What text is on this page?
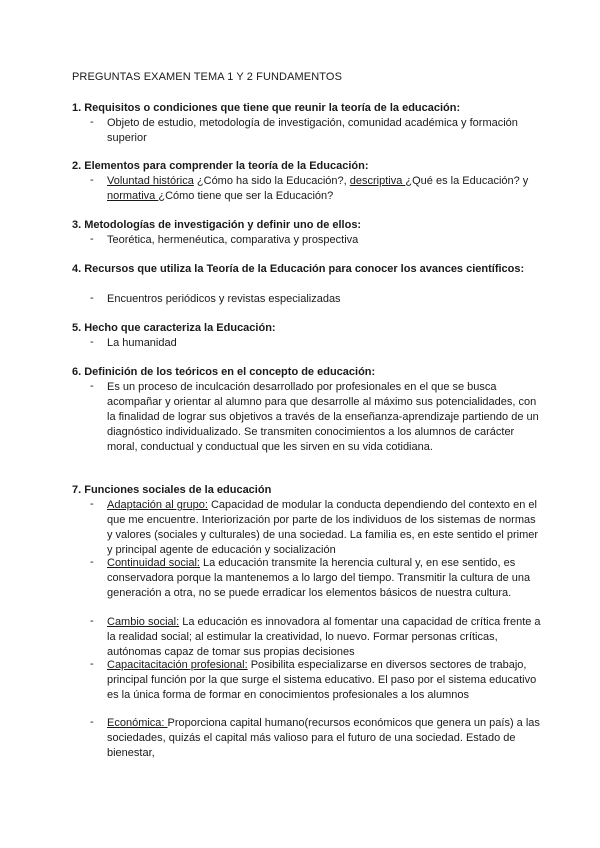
PREGUNTAS EXAMEN TEMA 1 Y 2 FUNDAMENTOS
1. Requisitos o condiciones que tiene que reunir la teoría de la educación:
- Objeto de estudio, metodología de investigación, comunidad académica y formación superior
2. Elementos para comprender la teoría de la Educación:
- Voluntad histórica ¿Cómo ha sido la Educación?, descriptiva ¿Qué es la Educación? y normativa ¿Cómo tiene que ser la Educación?
3. Metodologías de investigación y definir uno de ellos:
- Teorética, hermenéutica, comparativa y prospectiva
4. Recursos que utiliza la Teoría de la Educación para conocer los avances científicos:
- Encuentros periódicos y revistas especializadas
5. Hecho que caracteriza la Educación:
- La humanidad
6. Definición de los teóricos en el concepto de educación:
- Es un proceso de inculcación desarrollado por profesionales en el que se busca acompañar y orientar al alumno para que desarrolle al máximo sus potencialidades, con la finalidad de lograr sus objetivos a través de la enseñanza-aprendizaje partiendo de un diagnóstico individualizado. Se transmiten conocimientos a los alumnos de carácter moral, conductual y conductual que les sirven en su vida cotidiana.
7. Funciones sociales de la educación
- Adaptación al grupo: Capacidad de modular la conducta dependiendo del contexto en el que me encuentre. Interiorización por parte de los individuos de los sistemas de normas y valores (sociales y culturales) de una sociedad. La familia es, en este sentido el primer y principal agente de educación y socialización
- Continuidad social: La educación transmite la herencia cultural y, en ese sentido, es conservadora porque la mantenemos a lo largo del tiempo. Transmitir la cultura de una generación a otra, no se puede erradicar los elementos básicos de nuestra cultura.
- Cambio social: La educación es innovadora al fomentar una capacidad de crítica frente a la realidad social; al estimular la creatividad, lo nuevo. Formar personas críticas, autónomas capaz de tomar sus propias decisiones
- Capacitacitación profesional: Posibilita especializarse en diversos sectores de trabajo, principal función por la que surge el sistema educativo. El paso por el sistema educativo es la única forma de formar en conocimientos profesionales a los alumnos
- Económica: Proporciona capital humano(recursos económicos que genera un país) a las sociedades, quizás el capital más valioso para el futuro de una sociedad. Estado de bienestar,
